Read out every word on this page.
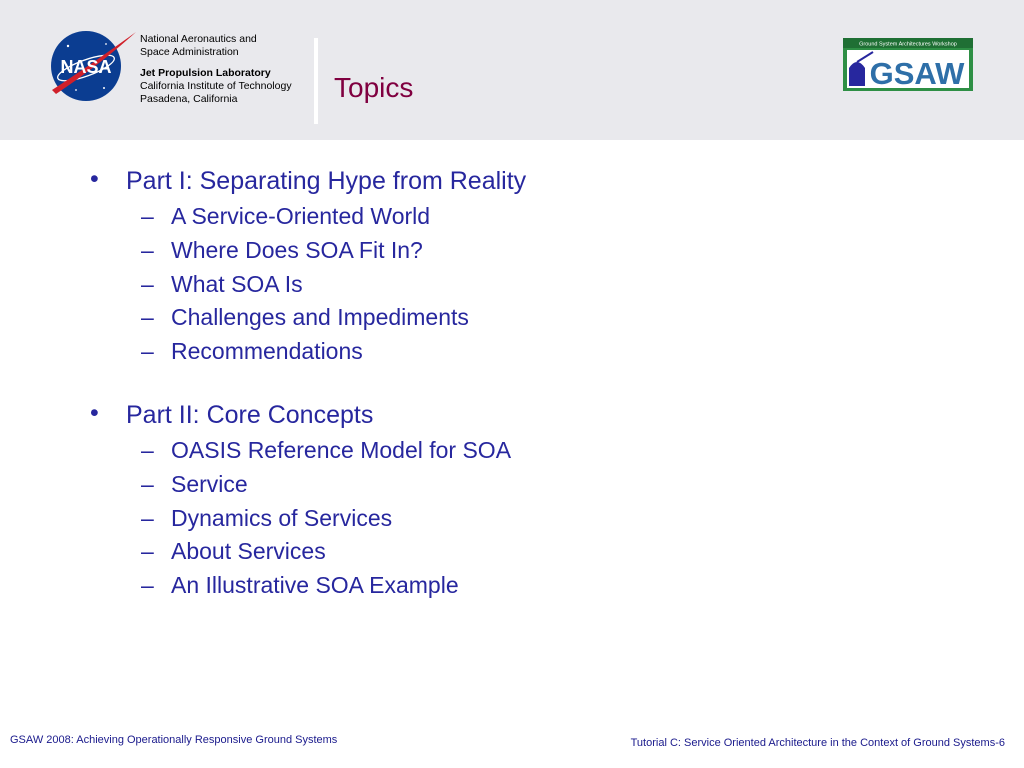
NASA
National Aeronautics and
Space Administration
Jet Propulsion Laboratory
California Institute of Technology
Pasadena, California	Topics
Ground System Architectures Workshop
GSAW
• Part I: Separating Hype from Reality
– A Service-Oriented World
– Where Does SOA Fit In?
– What SOA Is
– Challenges and Impediments
– Recommendations
• Part II: Core Concepts
– OASIS Reference Model for SOA
– Service
– Dynamics of Services
– About Services
– An Illustrative SOA Example
GSAW 2008: Achieving Operationally Responsive Ground Systems	Tutorial C: Service Oriented Architecture in the Context of Ground Systems-6
